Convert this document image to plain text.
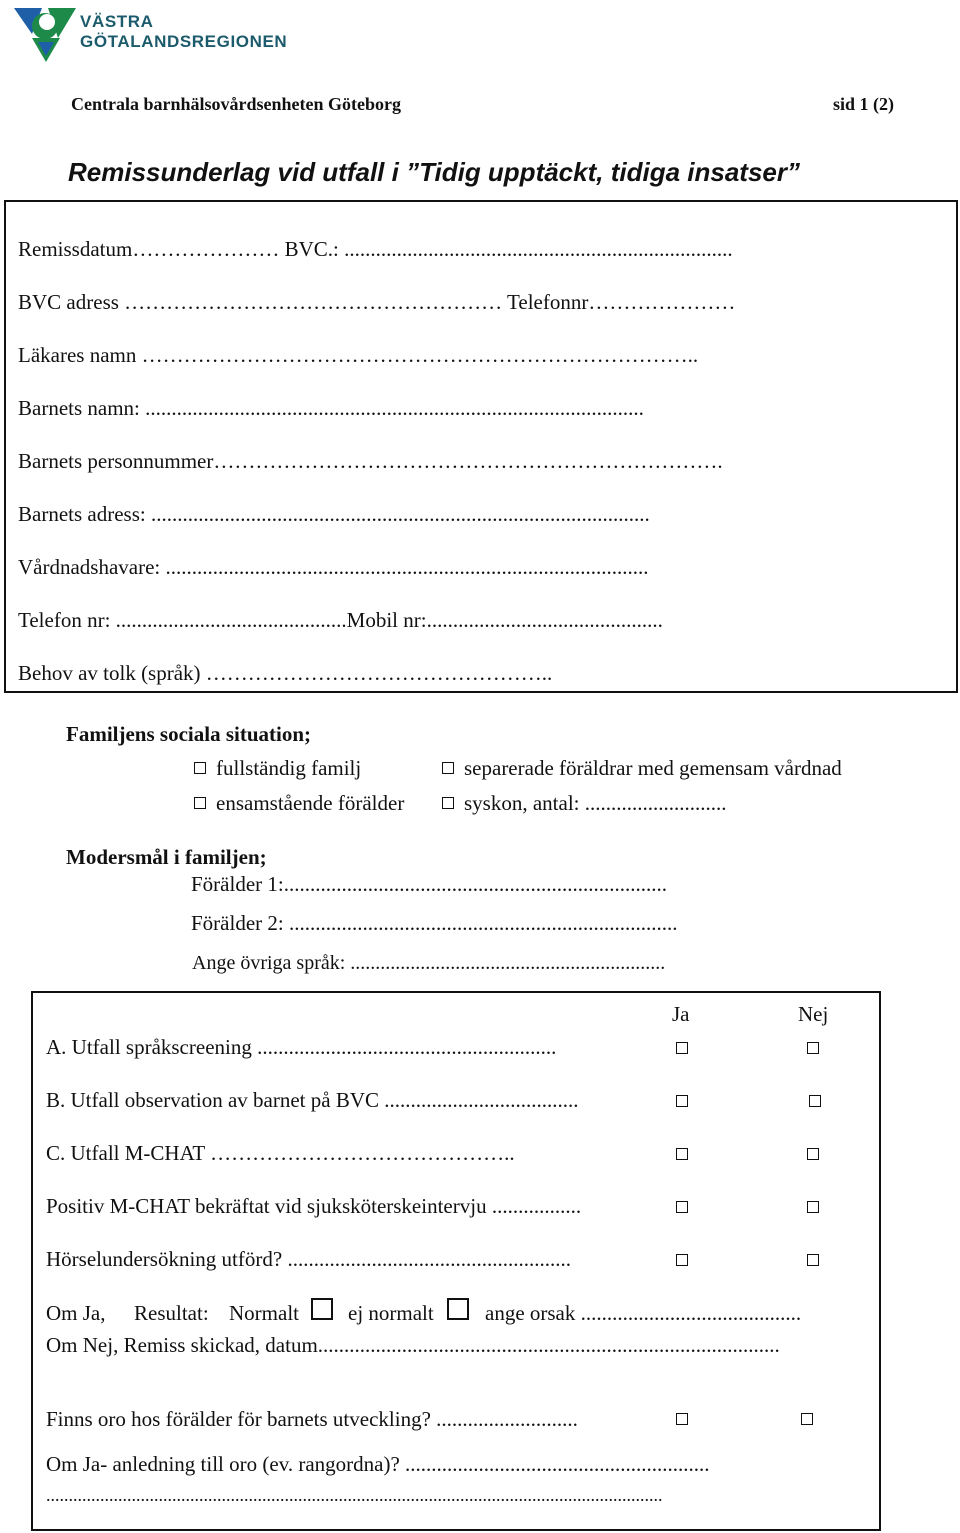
VÄSTRA
GÖTALANDSREGIONEN
Centrala barnhälsovårdsenheten Göteborg	sid 1 (2)
Remissunderlag vid utfall i ”Tidig upptäckt, tidiga insatser”
Remissdatum………………… BVC.: ..........................................................................
BVC adress ……………………………………………… Telefonnr…………………
Läkares namn ……………………………………………………………………..
Barnets namn: ...............................................................................................
Barnets personnummer……………………………………………………………….
Barnets adress: ...............................................................................................
Vårdnadshavare: ............................................................................................
Telefon nr: ............................................Mobil nr:.............................................
Behov av tolk (språk) …………………………………………..
Familjens sociala situation;
fullständig familj	separerade föräldrar med gemensam vårdnad
ensamstående förälder	syskon, antal: ...........................
Modersmål i familjen;
Förälder 1:.........................................................................
Förälder 2: ..........................................................................
Ange övriga språk: ...............................................................
Ja	Nej
A. Utfall språkscreening .........................................................
B. Utfall observation av barnet på BVC .....................................
C. Utfall M-CHAT ……………………………………..
Positiv M-CHAT bekräftat vid sjuksköterskeintervju .................
Hörselundersökning utförd? ......................................................
Om Ja, Resultat: Normalt ej normalt ange orsak ..........................................
Om Nej, Remiss skickad, datum........................................................................................
Finns oro hos förälder för barnets utveckling? ...........................
Om Ja- anledning till oro (ev. rangordna)? ..........................................................
.........................................................................................................................................
